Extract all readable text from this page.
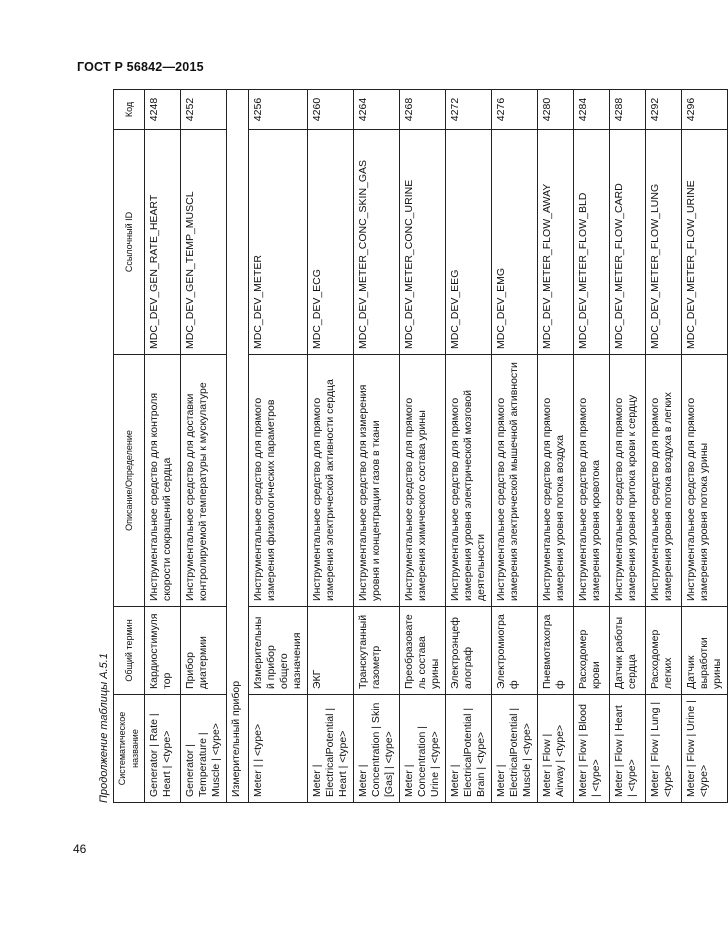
ГОСТ Р 56842—2015
Продолжение таблицы А.5.1 Систематическое название	Общий термин	Описание/Определение	Ссылочный ID	Код
Generator | Rate | Heart | <type>	Кардиостимулятор	Инструментальное средство для контроля скорости сокращений сердца	MDC_DEV_GEN_RATE_HEART	4248
Generator | Temperature | Muscle | <type>	Прибор диатермии	Инструментальное средство для доставки контролируемой температуры к мускулатуре	MDC_DEV_GEN_TEMP_MUSCL	4252
Измерительный прибор				
Meter | | <type>	Измерительный прибор общего назначения	Инструментальное средство для прямого измерения физиологических параметров	MDC_DEV_METER	4256
Meter | ElectricalPotential | Heart | <type>	ЭКГ	Инструментальное средство для прямого измерения электрической активности сердца	MDC_DEV_ECG	4260
Meter | Concentration | Skin [Gas] | <type>	Транскутанный газометр	Инструментальное средство для измерения уровня и концентрации газов в ткани	MDC_DEV_METER_CONC_SKIN_GAS	4264
Meter | Concentration | Urine | <type>	Преобразователь состава урины	Инструментальное средство для прямого измерения химического состава урины	MDC_DEV_METER_CONC_URINE	4268
Meter | ElectricalPotential | Brain | <type>	Электроэнцефалограф	Инструментальное средство для прямого измерения уровня электрической мозговой деятельности	MDC_DEV_EEG	4272
Meter | ElectricalPotential | Muscle | <type>	Электромиограф	Инструментальное средство для прямого измерения электрической мышечной активности	MDC_DEV_EMG	4276
Meter | Flow | Airway | <type>	Пневмотахограф	Инструментальное средство для прямого измерения уровня потока воздуха	MDC_DEV_METER_FLOW_AWAY	4280
Meter | Flow | Blood | <type>	Расходомер крови	Инструментальное средство для прямого измерения уровня кровотока	MDC_DEV_METER_FLOW_BLD	4284
Meter | Flow | Heart | <type>	Датчик работы сердца	Инструментальное средство для прямого измерения уровня притока крови к сердцу	MDC_DEV_METER_FLOW_CARD	4288
Meter | Flow | Lung | <type>	Расходомер легких	Инструментальное средство для прямого измерения уровня потока воздуха в легких	MDC_DEV_METER_FLOW_LUNG	4292
Meter | Flow | Urine | <type>	Датчик выработки урины	Инструментальное средство для прямого измерения уровня потока урины	MDC_DEV_METER_FLOW_URINE	4296
46
